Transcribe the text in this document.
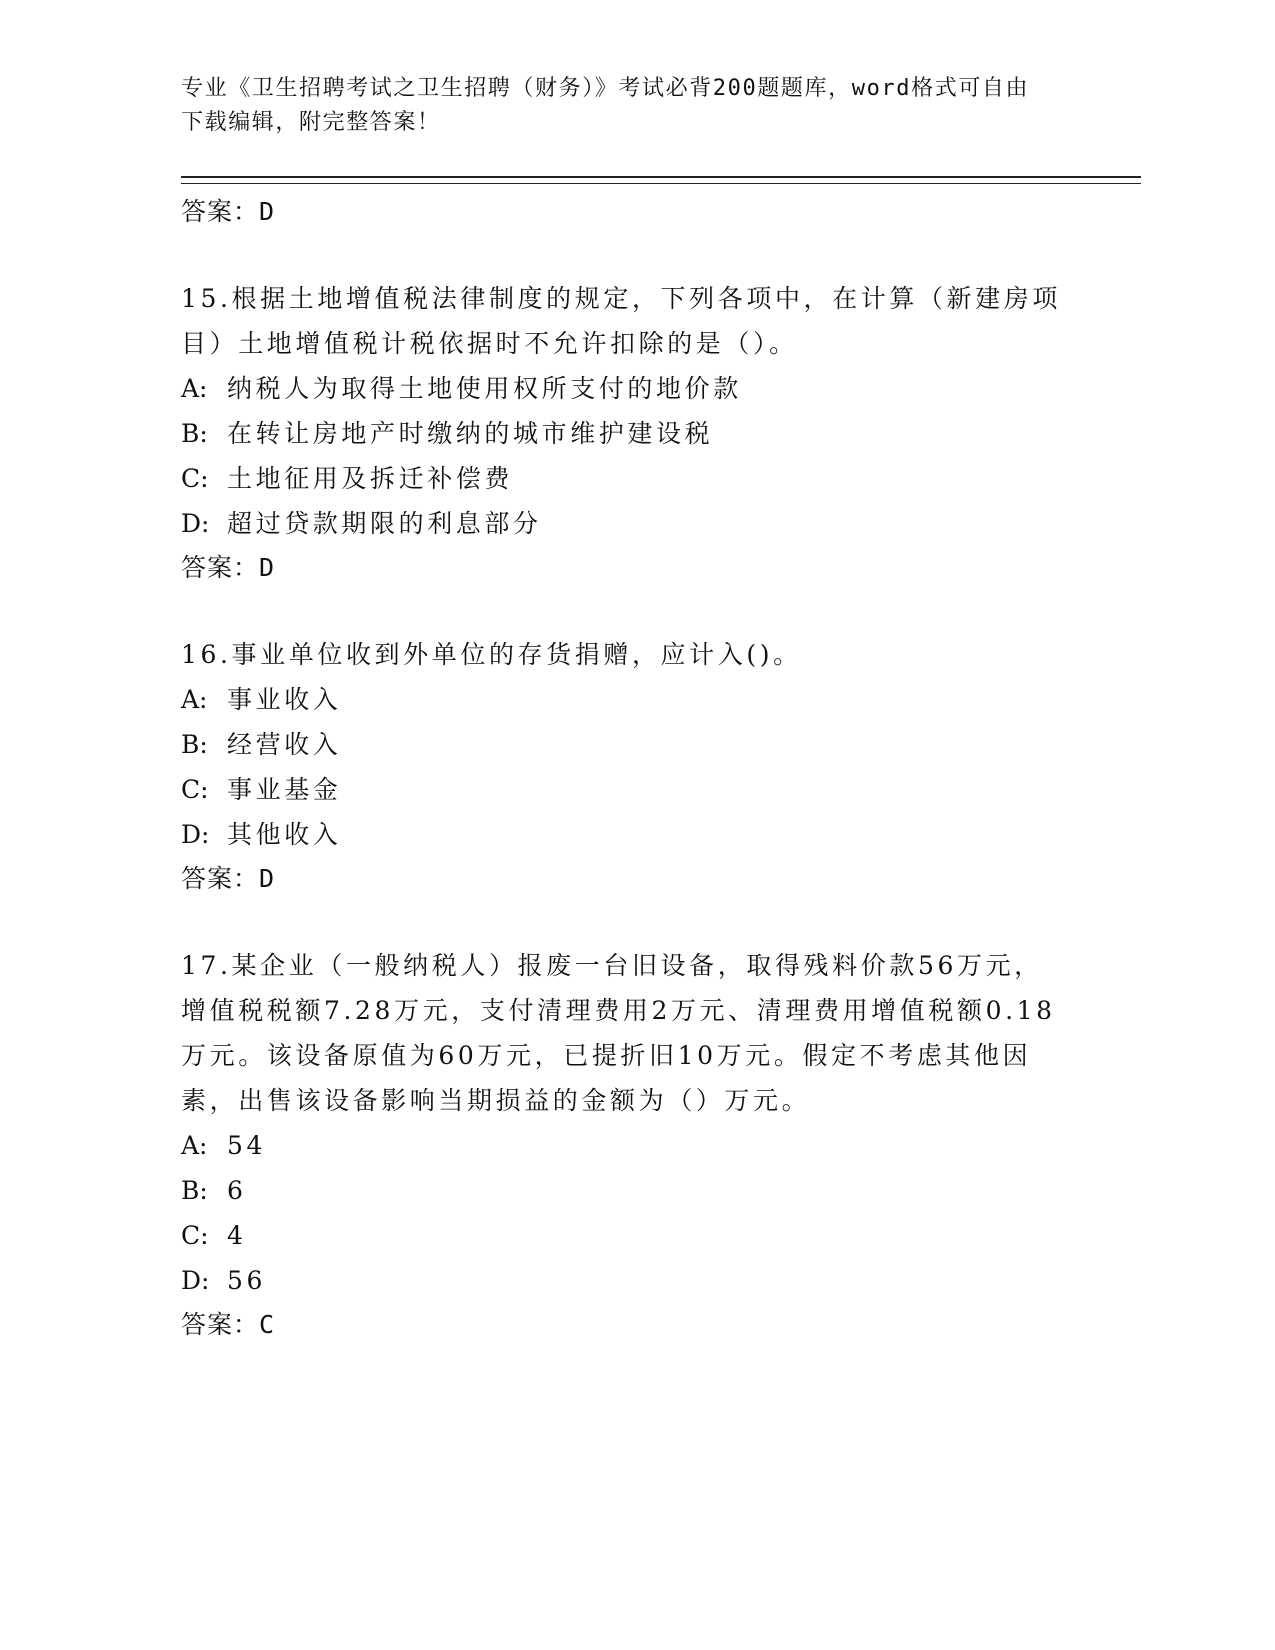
专业《卫生招聘考试之卫生招聘（财务）》考试必背200题题库，word格式可自由下载编辑，附完整答案！
答案：D
15.根据土地增值税法律制度的规定，下列各项中，在计算（新建房项目）土地增值税计税依据时不允许扣除的是（）。
A: 纳税人为取得土地使用权所支付的地价款
B: 在转让房地产时缴纳的城市维护建设税
C: 土地征用及拆迁补偿费
D: 超过贷款期限的利息部分
答案：D
16.事业单位收到外单位的存货捐赠，应计入()。
A: 事业收入
B: 经营收入
C: 事业基金
D: 其他收入
答案：D
17.某企业（一般纳税人）报废一台旧设备，取得残料价款56万元，增值税税额7.28万元，支付清理费用2万元、清理费用增值税额0.18万元。该设备原值为60万元，已提折旧10万元。假定不考虑其他因素，出售该设备影响当期损益的金额为（）万元。
A: 54
B: 6
C: 4
D: 56
答案：C
